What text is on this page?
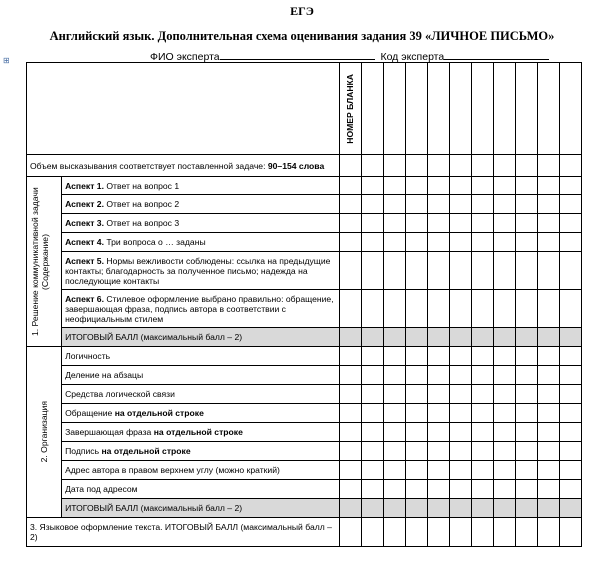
ЕГЭ
Английский язык. Дополнительная схема оценивания задания 39 «ЛИЧНОЕ ПИСЬМО»
ФИО эксперта	Код эксперта
⊞

		НОМЕР БЛАНКА										

Объем высказывания соответствует поставленной задаче: 90–154 слова												

1. Решение коммуникативной задачи (Содержание)	Аспект 1. Ответ на вопрос 1											
	Аспект 2. Ответ на вопрос 2											
	Аспект 3. Ответ на вопрос 3											
	Аспект 4. Три вопроса о … заданы											
	Аспект 5. Нормы вежливости соблюдены: ссылка на предыдущие контакты; благодарность за полученное письмо; надежда на последующие контакты											
	Аспект 6. Стилевое оформление выбрано правильно: обращение, завершающая фраза, подпись автора в соответствии с неофициальным стилем											
	ИТОГОВЫЙ БАЛЛ (максимальный балл – 2)											

2. Организация	Логичность											
	Деление на абзацы											
	Средства логической связи											
	Обращение на отдельной строке											
	Завершающая фраза на отдельной строке											
	Подпись на отдельной строке											
	Адрес автора в правом верхнем углу (можно краткий)											
	Дата под адресом											
	ИТОГОВЫЙ БАЛЛ (максимальный балл – 2)											
3. Языковое оформление текста. ИТОГОВЫЙ БАЛЛ (максимальный балл – 2)												
